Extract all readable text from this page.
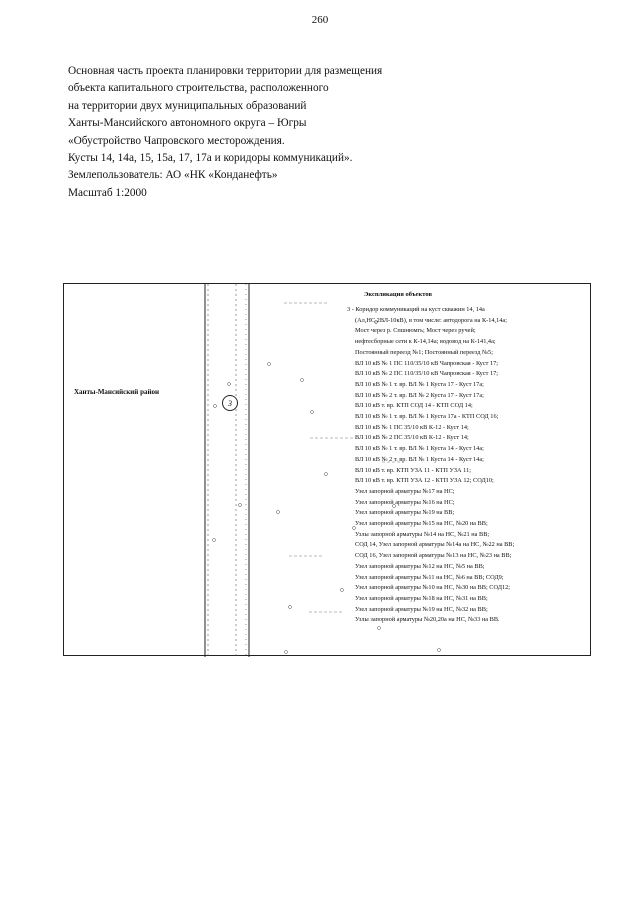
260
Основная часть проекта планировки территории для размещения
объекта капитального строительства, расположенного
на территории двух муниципальных образований
Ханты-Мансийского автономного округа – Югры
«Обустройство Чапровского месторождения.
Кусты 14, 14а, 15, 15а, 17, 17а и коридоры коммуникаций».
Землепользователь: АО «НК «Конданефть»
Масштаб 1:2000
Ханты-Мансийский район
3
Экспликация объектов
3 - Коридор коммуникаций на куст скважин 14, 14а
(Ал,НС,2ВЛ-10кВ), в том числе: автодорога на К-14,14а;
Мост через р. Спшнюмгь; Мост через ручей;
нефтесборные сети к К-14,14а; водовод на К-141,4а;
Постоянный переезд №1; Постоянный переезд №5;
ВЛ 10 кВ № 1 ПС 110/35/10 кВ Чапровская - Куст 17;
ВЛ 10 кВ № 2 ПС 110/35/10 кВ Чапровская - Куст 17;
ВЛ 10 кВ № 1 т. вр. ВЛ № 1 Куста 17 - Куст 17а;
ВЛ 10 кВ № 2 т. вр. ВЛ № 2 Куста 17 - Куст 17а;
ВЛ 10 кВ т. вр. КТП СОД 14 - КТП СОД 14;
ВЛ 10 кВ № 1 т. вр. ВЛ № 1 Куста 17а - КТП СОД 16;
ВЛ 10 кВ № 1 ПС 35/10 кВ К-12 - Куст 14;
ВЛ 10 кВ № 2 ПС 35/10 кВ К-12 - Куст 14;
ВЛ 10 кВ № 1 т. вр. ВЛ № 1 Куста 14 - Куст 14а;
ВЛ 10 кВ № 2 т. вр. ВЛ № 1 Куста 14 - Куст 14а;
ВЛ 10 кВ т. вр. КТП УЗА 11 - КТП УЗА 11;
ВЛ 10 кВ т. вр. КТП УЗА 12 - КТП УЗА 12; СОД10;
Узел запорной арматуры №17 на НС;
Узел запорной арматуры №16 на НС;
Узел запорной арматуры №19 на ВВ;
Узел запорной арматуры №15 на НС, №20 на ВВ;
Узлы запорной арматуры №14 на НС, №21 на ВВ;
СОД 14, Узел запорной арматуры №14а на НС, №22 на ВВ;
СОД 16, Узел запорной арматуры №13 на НС, №23 на ВВ;
Узел запорной арматуры №12 на НС, №5 на ВВ;
Узел запорной арматуры №11 на НС, №6 на ВВ; СОД9;
Узел запорной арматуры №10 на НС, №30 на ВВ; СОД12;
Узел запорной арматуры №18 на НС, №31 на ВВ;
Узел запорной арматуры №19 на НС, №32 на ВВ;
Узлы запорной арматуры №20,20а на НС, №33 на ВВ.
